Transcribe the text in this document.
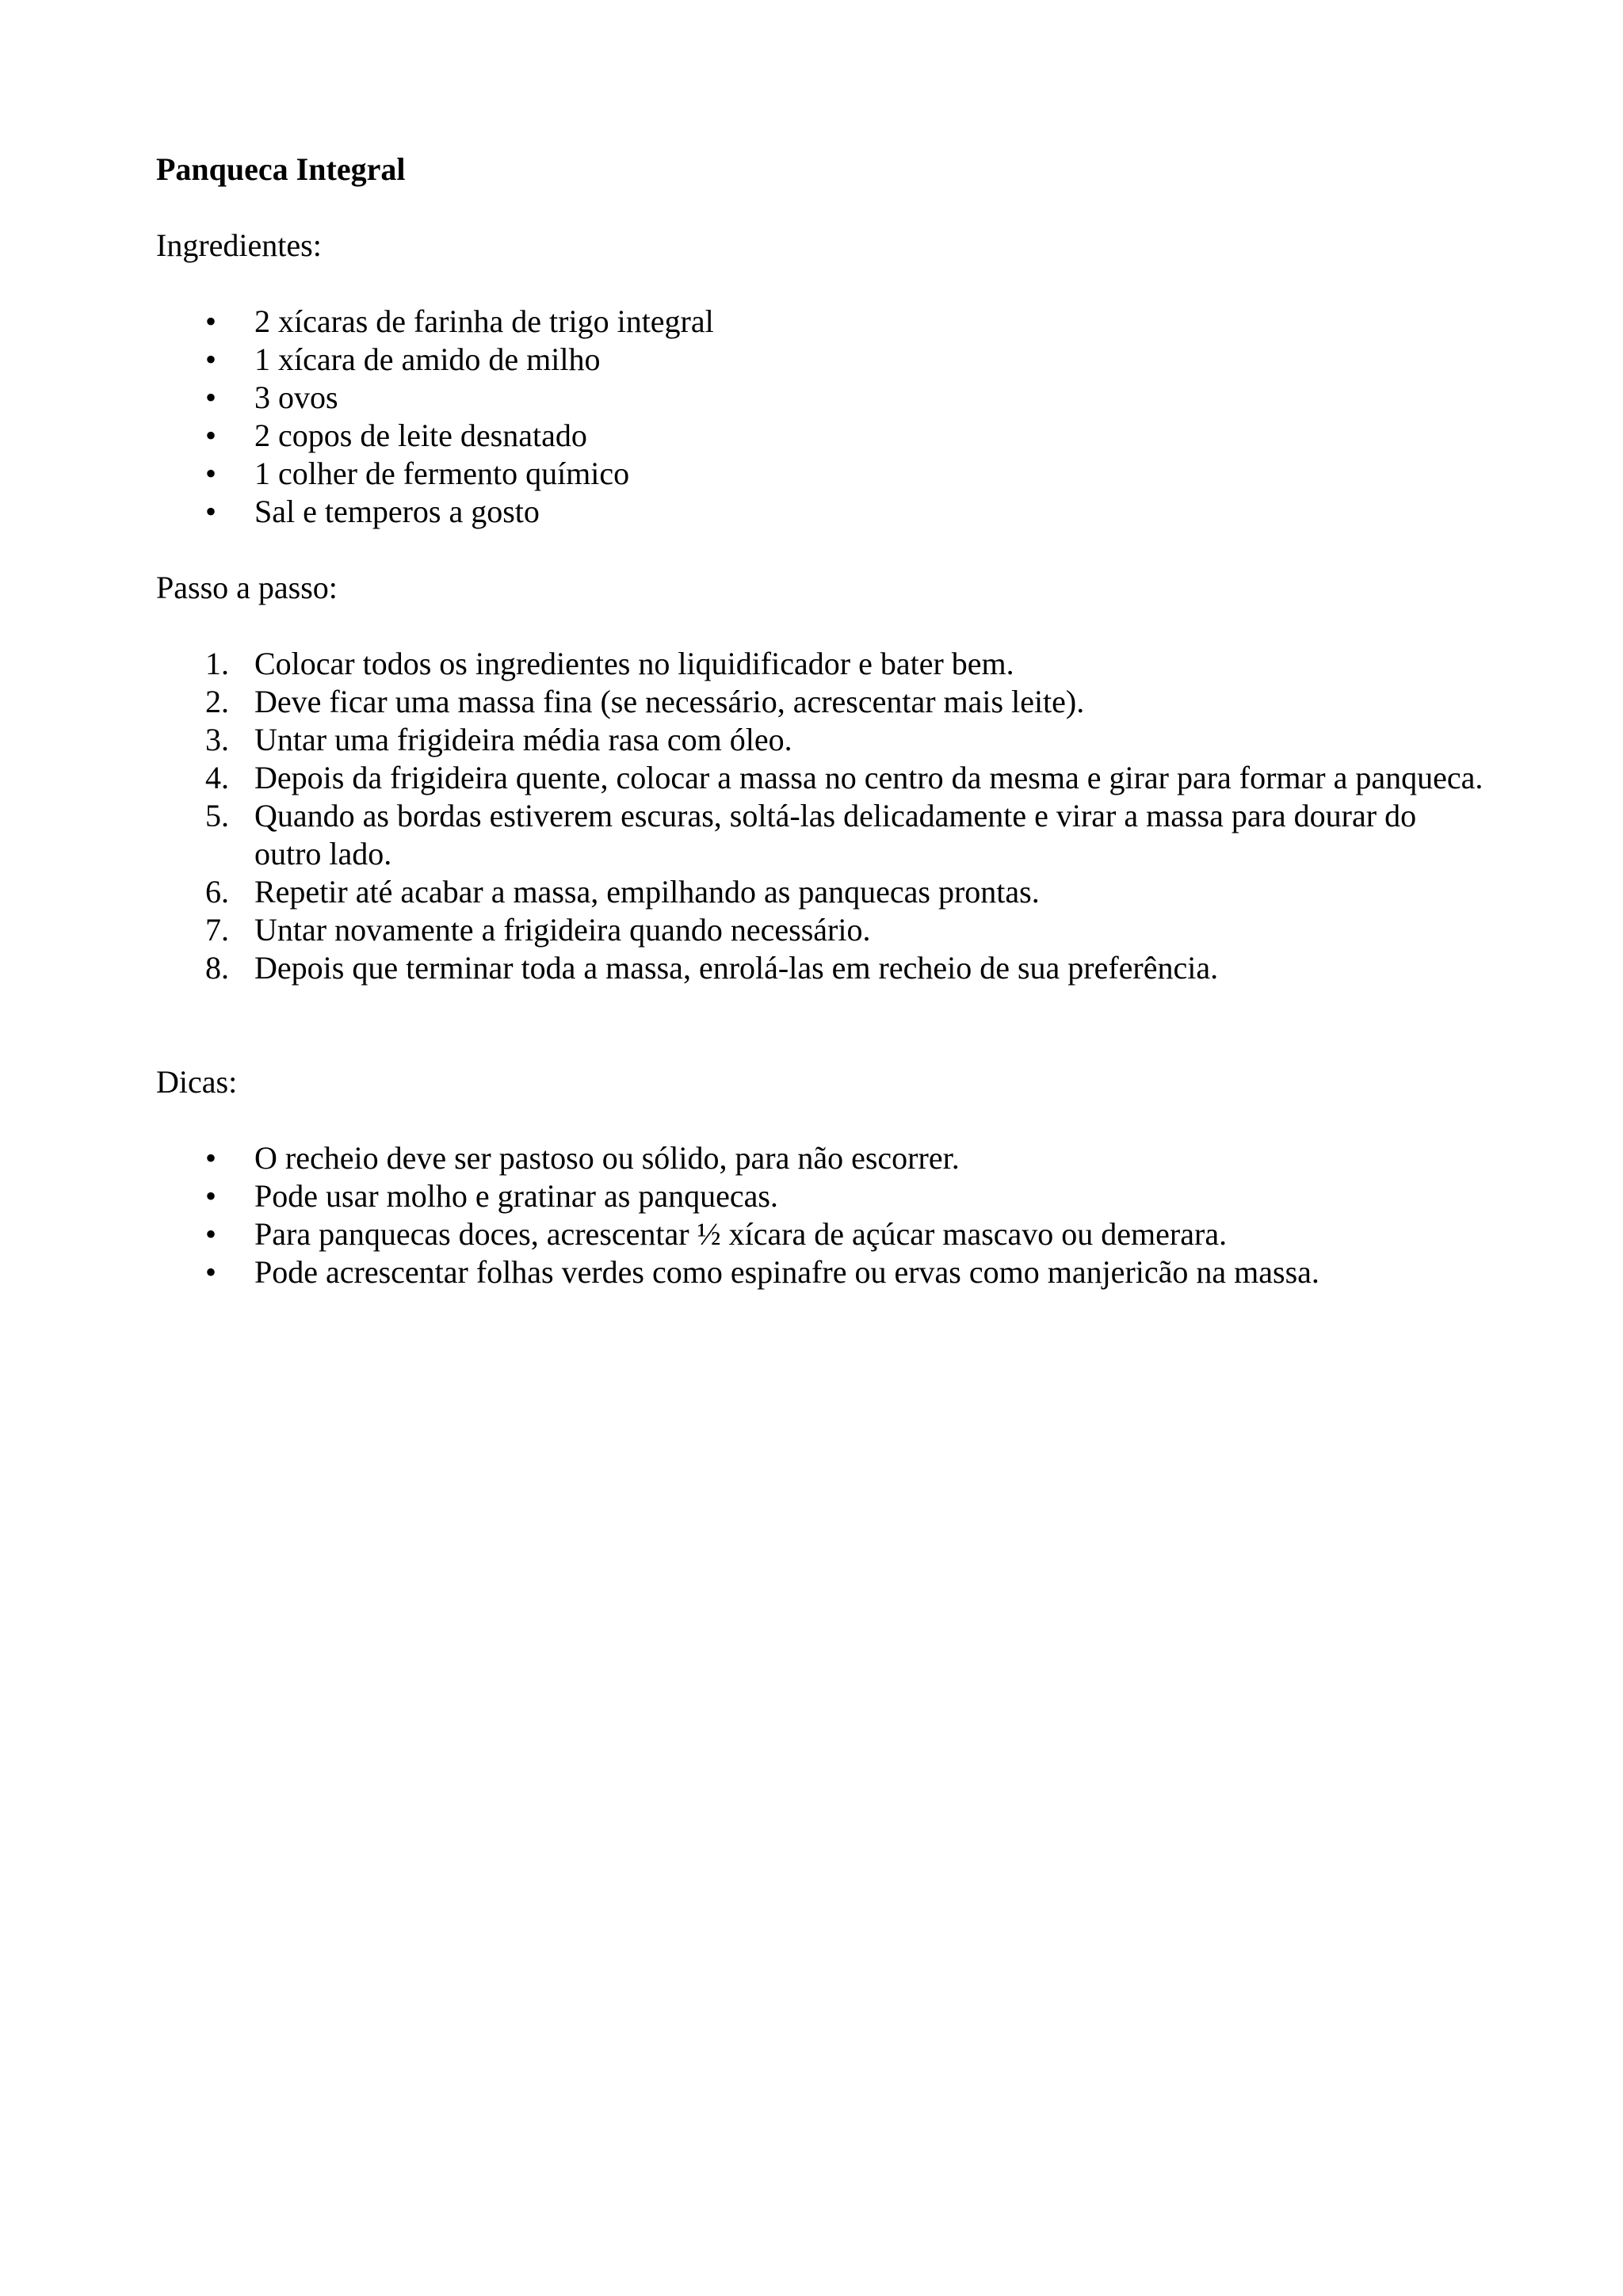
Panqueca Integral
Ingredientes:
•	2 xícaras de farinha de trigo integral
•	1 xícara de amido de milho
•	3 ovos
•	2 copos de leite desnatado
•	1 colher de fermento químico
•	Sal e temperos a gosto
Passo a passo:
1. Colocar todos os ingredientes no liquidificador e bater bem.
2. Deve ficar uma massa fina (se necessário, acrescentar mais leite).
3. Untar uma frigideira média rasa com óleo.
4. Depois da frigideira quente, colocar a massa no centro da mesma e girar para formar a panqueca.
5. Quando as bordas estiverem escuras, soltá-las delicadamente e virar a massa para dourar do outro lado.
6. Repetir até acabar a massa, empilhando as panquecas prontas.
7. Untar novamente a frigideira quando necessário.
8. Depois que terminar toda a massa, enrolá-las em recheio de sua preferência.
Dicas:
•	O recheio deve ser pastoso ou sólido, para não escorrer.
•	Pode usar molho e gratinar as panquecas.
•	Para panquecas doces, acrescentar ½ xícara de açúcar mascavo ou demerara.
•	Pode acrescentar folhas verdes como espinafre ou ervas como manjericão na massa.
